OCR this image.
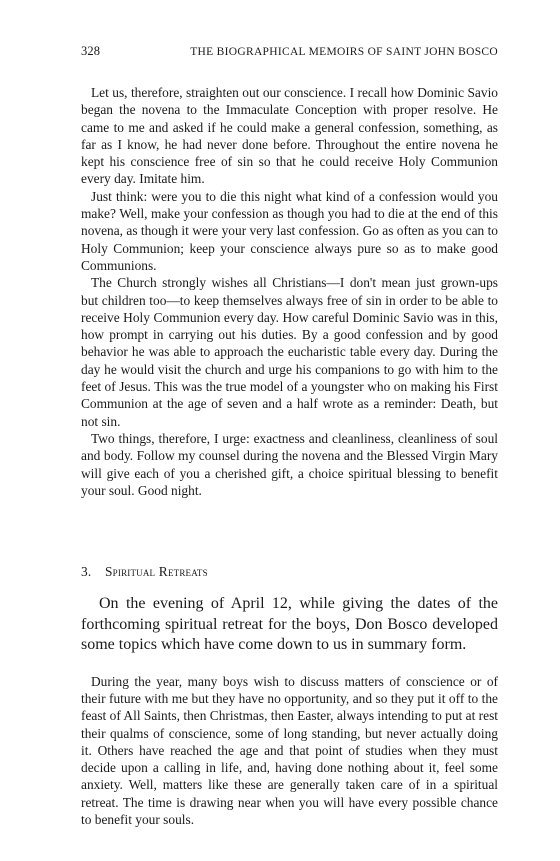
328	THE BIOGRAPHICAL MEMOIRS OF SAINT JOHN BOSCO

Let us, therefore, straighten out our conscience. I recall how Dominic Savio began the novena to the Immaculate Conception with proper resolve. He came to me and asked if he could make a general confession, something, as far as I know, he had never done before. Throughout the entire novena he kept his conscience free of sin so that he could receive Holy Communion every day. Imitate him.

Just think: were you to die this night what kind of a confession would you make? Well, make your confession as though you had to die at the end of this novena, as though it were your very last confession. Go as often as you can to Holy Communion; keep your conscience always pure so as to make good Communions.

The Church strongly wishes all Christians—I don't mean just grown-ups but children too—to keep themselves always free of sin in order to be able to receive Holy Communion every day. How careful Dominic Savio was in this, how prompt in carrying out his duties. By a good confession and by good behavior he was able to approach the eucharistic table every day. During the day he would visit the church and urge his companions to go with him to the feet of Jesus. This was the true model of a youngster who on making his First Communion at the age of seven and a half wrote as a reminder: Death, but not sin.

Two things, therefore, I urge: exactness and cleanliness, cleanliness of soul and body. Follow my counsel during the novena and the Blessed Virgin Mary will give each of you a cherished gift, a choice spiritual blessing to benefit your soul. Good night.

3. Spiritual Retreats

On the evening of April 12, while giving the dates of the forthcoming spiritual retreat for the boys, Don Bosco developed some topics which have come down to us in summary form.

During the year, many boys wish to discuss matters of conscience or of their future with me but they have no opportunity, and so they put it off to the feast of All Saints, then Christmas, then Easter, always intending to put at rest their qualms of conscience, some of long standing, but never actually doing it. Others have reached the age and that point of studies when they must decide upon a calling in life, and, having done nothing about it, feel some anxiety. Well, matters like these are generally taken care of in a spiritual retreat. The time is drawing near when you will have every possible chance to benefit your souls.
